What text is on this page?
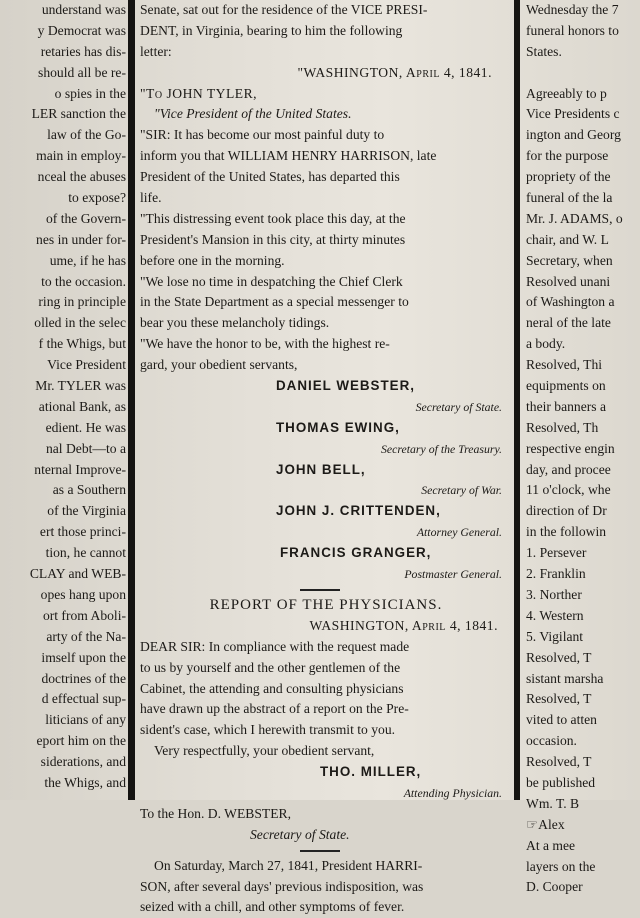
understand was
y Democrat was
retaries has dis-
should all be re-
o spies in the
LER sanction the
law of the Go-
main in employ-
nceal the abuses
to expose?
of the Govern-
nes in under for-
ume, if he has
to the occasion.
ring in principle
olled in the selec
f the Whigs, but
Vice President
Mr. TYLER was
ational Bank, as
edient. He was
nal Debt—to a
nternal Improve-
as a Southern
of the Virginia
ert those princi-
tion, he cannot
CLAY and WEB-
opes hang upon
ort from Aboli-
arty of the Na-
imself upon the
doctrines of the
d effectual sup-
liticians of any
eport him on the
siderations, and
the Whigs, and
Senate, sat out for the residence of the VICE PRESI-
DENT, in Virginia, bearing to him the following
letter:
"WASHINGTON, April 4, 1841.
"To JOHN TYLER,
"Vice President of the United States.
"SIR: It has become our most painful duty to
inform you that WILLIAM HENRY HARRISON, late
President of the United States, has departed this
life.
"This distressing event took place this day, at the
President's Mansion in this city, at thirty minutes
before one in the morning.
"We lose no time in despatching the Chief Clerk
in the State Department as a special messenger to
bear you these melancholy tidings.
"We have the honor to be, with the highest re-
gard, your obedient servants,
DANIEL WEBSTER,
Secretary of State.
THOMAS EWING,
Secretary of the Treasury.
JOHN BELL,
Secretary of War.
JOHN J. CRITTENDEN,
Attorney General.
FRANCIS GRANGER,
Postmaster General.
REPORT OF THE PHYSICIANS.
WASHINGTON, April 4, 1841.
DEAR SIR: In compliance with the request made
to us by yourself and the other gentlemen of the
Cabinet, the attending and consulting physicians
have drawn up the abstract of a report on the Pre-
sident's case, which I herewith transmit to you.
Very respectfully, your obedient servant,
THO. MILLER,
Attending Physician.
To the Hon. D. WEBSTER,
Secretary of State.
On Saturday, March 27, 1841, President HARRI-
SON, after several days' previous indisposition, was
seized with a chill, and other symptoms of fever.
Wednesday the 7
funeral honors to
States.
Agreeably to p
Vice Presidents c
ington and Georg
for the purpose
propriety of the
funeral of the la
Mr. J. ADAMS, o
chair, and W. L
Secretary, when
Resolved unani
of Washington a
neral of the late
a body.
Resolved, Thi
equipments on
their banners a
Resolved, Th
respective engin
day, and procee
11 o'clock, whe
direction of Dr
in the followin
1. Persever
2. Franklin
3. Norther
4. Western
5. Vigilant
Resolved, T
sistant marsha
Resolved, T
vited to atten
occasion.
Resolved, T
be published
Wm. T. B
☞Alex
At a mee
layers on the
D. Cooper
